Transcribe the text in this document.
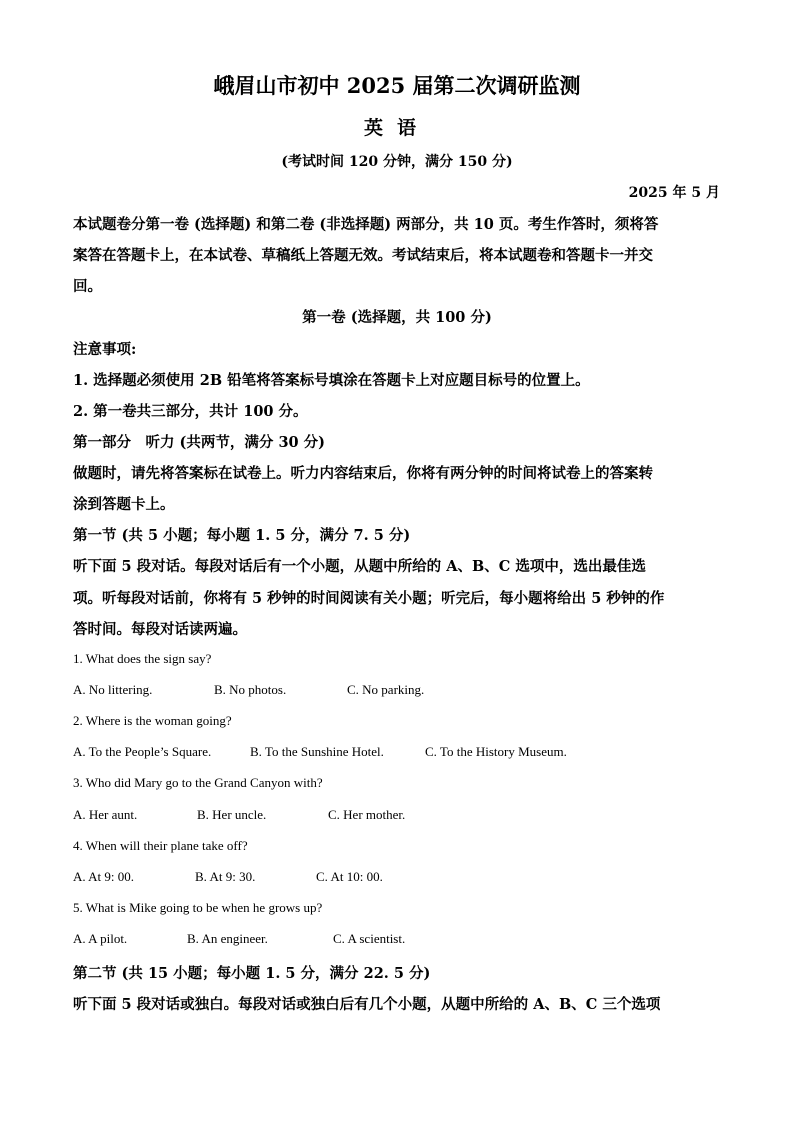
峨眉山市初中 2025 届第二次调研监测
英语
(考试时间 120 分钟，满分 150 分)
2025 年 5 月
本试题卷分第一卷 (选择题) 和第二卷 (非选择题) 两部分，共 10 页。考生作答时，须将答
案答在答题卡上，在本试卷、草稿纸上答题无效。考试结束后，将本试题卷和答题卡一并交
回。
第一卷 (选择题，共 100 分)
注意事项:
1. 选择题必须使用 2B 铅笔将答案标号填涂在答题卡上对应题目标号的位置上。
2. 第一卷共三部分，共计 100 分。
第一部分　听力 (共两节，满分 30 分)
做题时，请先将答案标在试卷上。听力内容结束后，你将有两分钟的时间将试卷上的答案转
涂到答题卡上。
第一节 (共 5 小题；每小题 1. 5 分，满分 7. 5 分)
听下面 5 段对话。每段对话后有一个小题，从题中所给的 A、B、C 选项中，选出最佳选
项。听每段对话前，你将有 5 秒钟的时间阅读有关小题；听完后，每小题将给出 5 秒钟的作
答时间。每段对话读两遍。
1. What does the sign say?
A. No littering.	B. No photos.	C. No parking.
2. Where is the woman going?
A. To the People’s Square.	B. To the Sunshine Hotel.	C. To the History Museum.
3. Who did Mary go to the Grand Canyon with?
A. Her aunt.	B. Her uncle.	C. Her mother.
4. When will their plane take off?
A. At 9: 00.	B. At 9: 30.	C. At 10: 00.
5. What is Mike going to be when he grows up?
A. A pilot.	B. An engineer.	C. A scientist.
第二节 (共 15 小题；每小题 1. 5 分，满分 22. 5 分)
听下面 5 段对话或独白。每段对话或独白后有几个小题，从题中所给的 A、B、C 三个选项
